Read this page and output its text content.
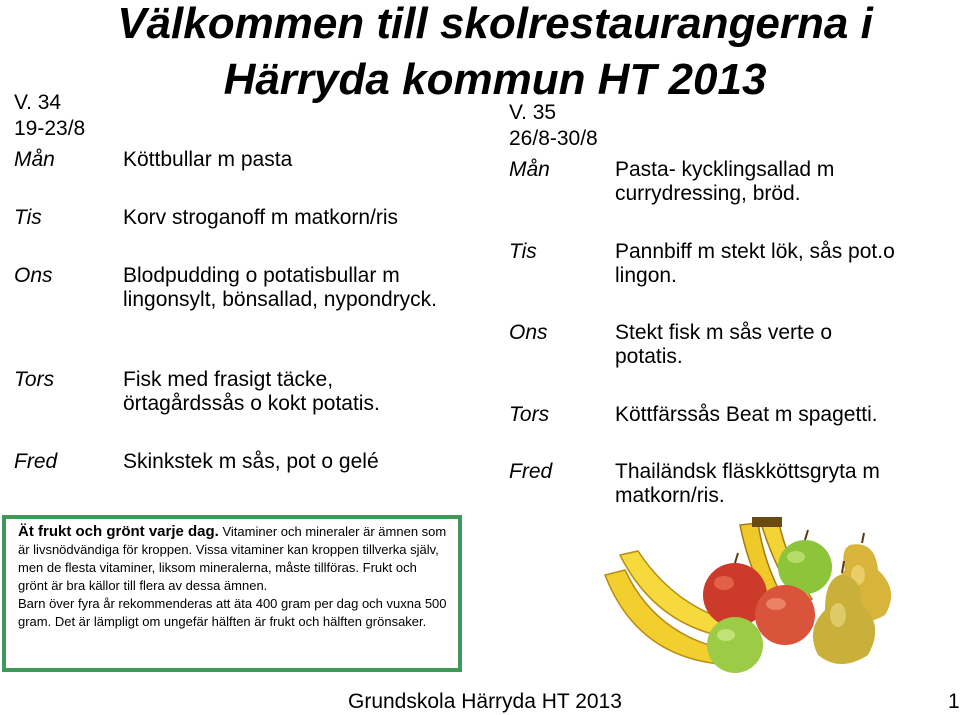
Välkommen till skolrestaurangerna i Härryda kommun HT 2013
V. 34
19-23/8
Mån	Köttbullar m pasta
Tis	Korv stroganoff m matkorn/ris
Ons	Blodpudding o potatisbullar m lingonsylt, bönsallad, nypondryck.
Tors	Fisk med frasigt täcke, örtagårdssås o kokt potatis.
Fred	Skinkstek m sås, pot o gelé
V. 35
26/8-30/8
Mån	Pasta- kycklingsallad m currydressing, bröd.
Tis	Pannbiff m stekt lök, sås pot.o lingon.
Ons	Stekt fisk m sås verte o potatis.
Tors	Köttfärssås Beat m spagetti.
Fred	Thailändsk fläskköttsgryta m matkorn/ris.

Ät frukt och grönt varje dag. Vitaminer och mineraler är ämnen som är livsnödvändiga för kroppen. Vissa vitaminer kan kroppen tillverka själv, men de flesta vitaminer, liksom mineralerna, måste tillföras. Frukt och grönt är bra källor till flera av dessa ämnen.

Barn över fyra år rekommenderas att äta 400 gram per dag och vuxna 500 gram. Det är lämpligt om ungefär hälften är frukt och hälften grönsaker.

Grundskola Härryda HT 2013	1
